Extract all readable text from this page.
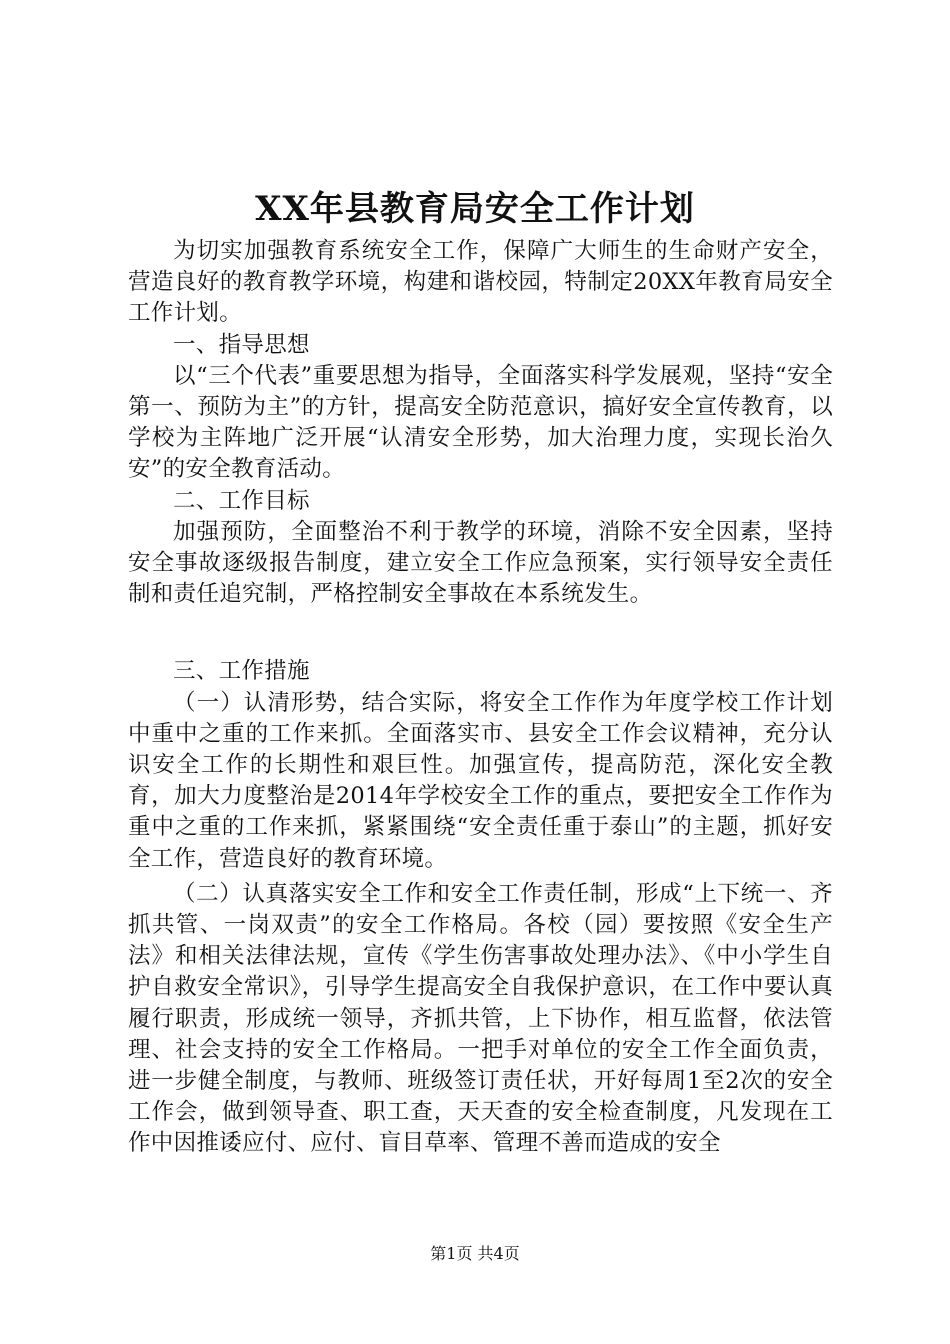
XX年县教育局安全工作计划

为切实加强教育系统安全工作，保障广大师生的生命财产安全，营造良好的教育教学环境，构建和谐校园，特制定20XX年教育局安全工作计划。

一、指导思想

以“三个代表”重要思想为指导，全面落实科学发展观，坚持“安全第一、预防为主”的方针，提高安全防范意识，搞好安全宣传教育，以学校为主阵地广泛开展“认清安全形势，加大治理力度，实现长治久安”的安全教育活动。

二、工作目标

加强预防，全面整治不利于教学的环境，消除不安全因素，坚持安全事故逐级报告制度，建立安全工作应急预案，实行领导安全责任制和责任追究制，严格控制安全事故在本系统发生。

三、工作措施

（一）认清形势，结合实际，将安全工作作为年度学校工作计划中重中之重的工作来抓。全面落实市、县安全工作会议精神，充分认识安全工作的长期性和艰巨性。加强宣传，提高防范，深化安全教育，加大力度整治是2014年学校安全工作的重点，要把安全工作作为重中之重的工作来抓，紧紧围绕“安全责任重于泰山”的主题，抓好安全工作，营造良好的教育环境。

（二）认真落实安全工作和安全工作责任制，形成“上下统一、齐抓共管、一岗双责”的安全工作格局。各校（园）要按照《安全生产法》和相关法律法规，宣传《学生伤害事故处理办法》、《中小学生自护自救安全常识》，引导学生提高安全自我保护意识，在工作中要认真履行职责，形成统一领导，齐抓共管，上下协作，相互监督，依法管理、社会支持的安全工作格局。一把手对单位的安全工作全面负责，进一步健全制度，与教师、班级签订责任状，开好每周1至2次的安全工作会，做到领导查、职工查，天天查的安全检查制度，凡发现在工作中因推诿应付、应付、盲目草率、管理不善而造成的安全

第1页 共4页
